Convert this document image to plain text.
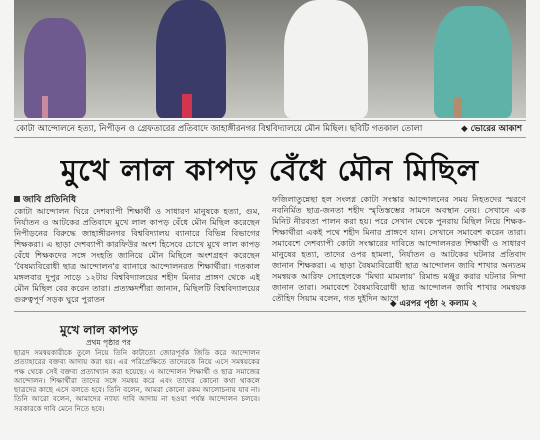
কোটা আন্দোলনে হত্যা, নিপীড়ন ও গ্রেফতারের প্রতিবাদে জাহাঙ্গীরনগর বিশ্ববিদ্যালয়ে মৌন মিছিল। ছবিটি গতকাল তোলা	◆ ভোরের আকাশ
মুখে লাল কাপড় বেঁধে মৌন মিছিল
জাবি প্রতিনিধি
কোটা আন্দোলন ঘিরে দেশব্যাপী শিক্ষার্থী ও সাধারণ মানুষকে হত্যা, গুম, নির্যাতন ও আটকের প্রতিবাদে মুখে লাল কাপড় বেঁধে মৌন মিছিল করেছেন নিপীড়নের বিরুদ্ধে জাহাঙ্গীরনগর বিশ্ববিদ্যালয় ব্যানারে বিভিন্ন বিভাগের শিক্ষকরা। এ ছাড়া দেশব্যাপী কারফিউর অংশ হিসেবে চোখে মুখে লাল কাপড় বেঁধে শিক্ষকদের সঙ্গে সংহতি জানিয়ে মৌন মিছিলে অংশগ্রহণ করেছেন 'বৈষম্যবিরোধী ছাত্র আন্দোলন'র ব্যানারে আন্দোলনরত শিক্ষার্থীরা। গতকাল মঙ্গলবার দুপুর সাড়ে ১২টায় বিশ্ববিদ্যালয়ের শহীদ মিনার প্রাঙ্গণ থেকে এই মৌন মিছিল বের করেন তারা। প্রত্যক্ষদর্শীরা জানান, মিছিলটি বিশ্ববিদ্যালয়ের গুরুত্বপূর্ণ সড়ক ঘুরে পুরাতন
ফজিলাতুন্নেছা হল সংলগ্ন কোটা সংস্কার আন্দোলনের সময় নিহতদের স্মরণে নবনির্মিত ছাত্র-জনতা শহীদ স্মৃতিস্তম্ভের সামনে অবস্থান নেয়। সেখানে এক মিনিট নীরবতা পালন করা হয়। পরে সেখান থেকে পুনরায় মিছিল নিয়ে শিক্ষক-শিক্ষার্থীরা একই পথে শহীদ মিনার প্রাঙ্গণে যান। সেখানে সমাবেশ করেন তারা। সমাবেশে দেশব্যাপী কোটা সংস্কারের দাবিতে আন্দোলনরত শিক্ষার্থী ও সাধারণ মানুষের হত্যা, তাদের ওপর হামলা, নির্যাতন ও আটকের ঘটনার প্রতিবাদ জানান শিক্ষকরা। এ ছাড়া বৈষম্যবিরোধী ছাত্র আন্দোলন জাবি শাখার অন্যতম সমন্বয়ক আরিফ সোহেলকে 'মিথ্যা মামলায়' রিমান্ড মঞ্জুর করার ঘটনার নিন্দা জানান তারা। সমাবেশে বৈষম্যবিরোধী ছাত্র আন্দোলন জাবি শাখার সমন্বয়ক তৌহিদ সিয়াম বলেন, গত দুইদিন আগে
◆ এরপর পৃষ্ঠা ২ কলাম ২
মুখে লাল কাপড়
প্রথম পৃষ্ঠার পর
ছাত্রদ সমন্বয়কারীকে তুলে নিয়ে তিনি কাটাতো জোরপূর্বক জিডি করে আন্দোলন প্রত্যাহারের বক্তব্য আদায় করা হয়। এর পরিপ্রেক্ষিতে তাদেরকে নিয়ে এসে সমন্বয়কের পক্ষ থেকে সেই বক্তব্য প্রত্যাখ্যান করা হয়েছে। এ আন্দোলন শিক্ষার্থী ও ছাত্র সমাজের আন্দোলন। শিক্ষার্থীরা তাদের সঙ্গে সমন্বয় করে এবং তাদের কোনো কথা থাকলে ছাত্রদের কাছে এসে বলতে হবে। তিনি বলেন, আমরা কোনো রকম আলোচনায় যাব না। তিনি আরো বলেন, আমাদের ন্যায্য দাবি আদায় না হওয়া পর্যন্ত আন্দোলন চলবে। সরকারকে দাবি মেনে নিতে হবে।
